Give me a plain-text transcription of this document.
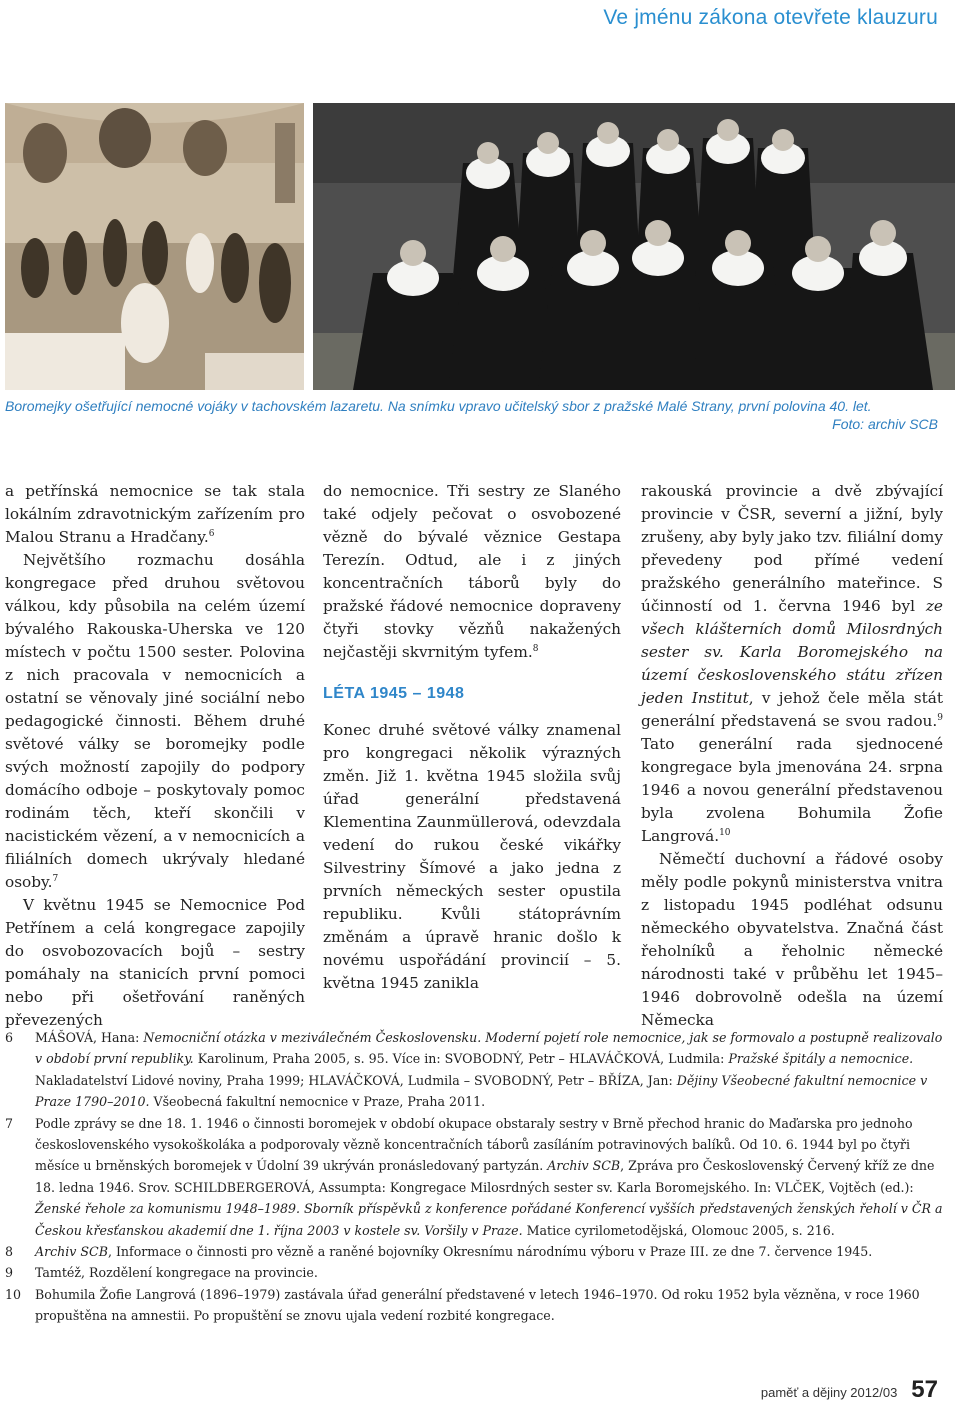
Ve jménu zákona otevřete klauzuru
Boromejky ošetřující nemocné vojáky v tachovském lazaretu. Na snímku vpravo učitelský sbor z pražské Malé Strany, první polovina 40. let.
Foto: archiv SCB

a petřínská nemocnice se tak stala lokálním zdravotnickým zařízením pro Malou Stranu a Hradčany.$^6$

Největšího rozmachu dosáhla kongregace před druhou světovou válkou, kdy působila na celém území bývalého Rakouska-Uherska ve 120 místech v počtu 1500 sester. Polovina z nich pracovala v nemocnicích a ostatní se věnovaly jiné sociální nebo pedagogické činnosti. Během druhé světové války se boromejky podle svých možností zapojily do podpory domácího odboje – poskytovaly pomoc rodinám těch, kteří skončili v nacistickém vězení, a v nemocnicích a filiálních domech ukrývaly hledané osoby.$^7$

V květnu 1945 se Nemocnice Pod Petřínem a celá kongregace zapojily do osvobozovacích bojů – sestry pomáhaly na stanicích první pomoci nebo při ošetřování raněných převezených

do nemocnice. Tři sestry ze Slaného také odjely pečovat o osvobozené vězně do bývalé věznice Gestapa Terezín. Odtud, ale i z jiných koncentračních táborů byly do pražské řádové nemocnice dopraveny čtyři stovky vězňů nakažených nejčastěji skvrnitým tyfem.$^8$

LÉTA 1945 – 1948

Konec druhé světové války znamenal pro kongregaci několik výrazných změn. Již 1. května 1945 složila svůj úřad generální představená Klementina Zaunmüllerová, odevzdala vedení do rukou české vikářky Silvestriny Šímové a jako jedna z prvních německých sester opustila republiku. Kvůli státoprávním změnám a úpravě hranic došlo k novému uspořádání provincií – 5. května 1945 zanikla

rakouská provincie a dvě zbývající provincie v ČSR, severní a jižní, byly zrušeny, aby byly jako tzv. filiální domy převedeny pod přímé vedení pražského generálního mateřince. S účinností od 1. června 1946 byl ze všech klášterních domů Milosrdných sester sv. Karla Boromejského na území československého státu zřízen jeden Institut, v jehož čele měla stát generální představená se svou radou.$^9$ Tato generální rada sjednocené kongregace byla jmenována 24. srpna 1946 a novou generální představenou byla zvolena Bohumila Žofie Langrová.$^{10}$

Němečtí duchovní a řádové osoby měly podle pokynů ministerstva vnitra z listopadu 1945 podléhat odsunu německého obyvatelstva. Značná část řeholníků a řeholnic německé národnosti také v průběhu let 1945–1946 dobrovolně odešla na území Německa

6	MÁŠOVÁ, Hana: Nemocniční otázka v meziválečném Československu. Moderní pojetí role nemocnice, jak se formovalo a postupně realizovalo v období první republiky. Karolinum, Praha 2005, s. 95. Více in: SVOBODNÝ, Petr – HLAVÁČKOVÁ, Ludmila: Pražské špitály a nemocnice. Nakladatelství Lidové noviny, Praha 1999; HLAVÁČKOVÁ, Ludmila – SVOBODNÝ, Petr – BŘÍZA, Jan: Dějiny Všeobecné fakultní nemocnice v Praze 1790–2010. Všeobecná fakultní nemocnice v Praze, Praha 2011.
7	Podle zprávy se dne 18. 1. 1946 o činnosti boromejek v období okupace obstaraly sestry v Brně přechod hranic do Maďarska pro jednoho československého vysokoškoláka a podporovaly vězně koncentračních táborů zasíláním potravinových balíků. Od 10. 6. 1944 byl po čtyři měsíce u brněnských boromejek v Údolní 39 ukrýván pronásledovaný partyzán. Archiv SCB, Zpráva pro Československý Červený kříž ze dne 18. ledna 1946. Srov. SCHILDBERGEROVÁ, Assumpta: Kongregace Milosrdných sester sv. Karla Boromejského. In: VLČEK, Vojtěch (ed.): Ženské řehole za komunismu 1948–1989. Sborník příspěvků z konference pořádané Konferencí vyšších představených ženských řeholí v ČR a Českou křesťanskou akademií dne 1. října 2003 v kostele sv. Voršily v Praze. Matice cyrilometodějská, Olomouc 2005, s. 216.
8	Archiv SCB, Informace o činnosti pro vězně a raněné bojovníky Okresnímu národnímu výboru v Praze III. ze dne 7. července 1945.
9	Tamtéž, Rozdělení kongregace na provincie.
10	Bohumila Žofie Langrová (1896–1979) zastávala úřad generální představené v letech 1946–1970. Od roku 1952 byla vězněna, v roce 1960 propuštěna na amnestii. Po propuštění se znovu ujala vedení rozbité kongregace.
paměť a dějiny 2012/03 57
